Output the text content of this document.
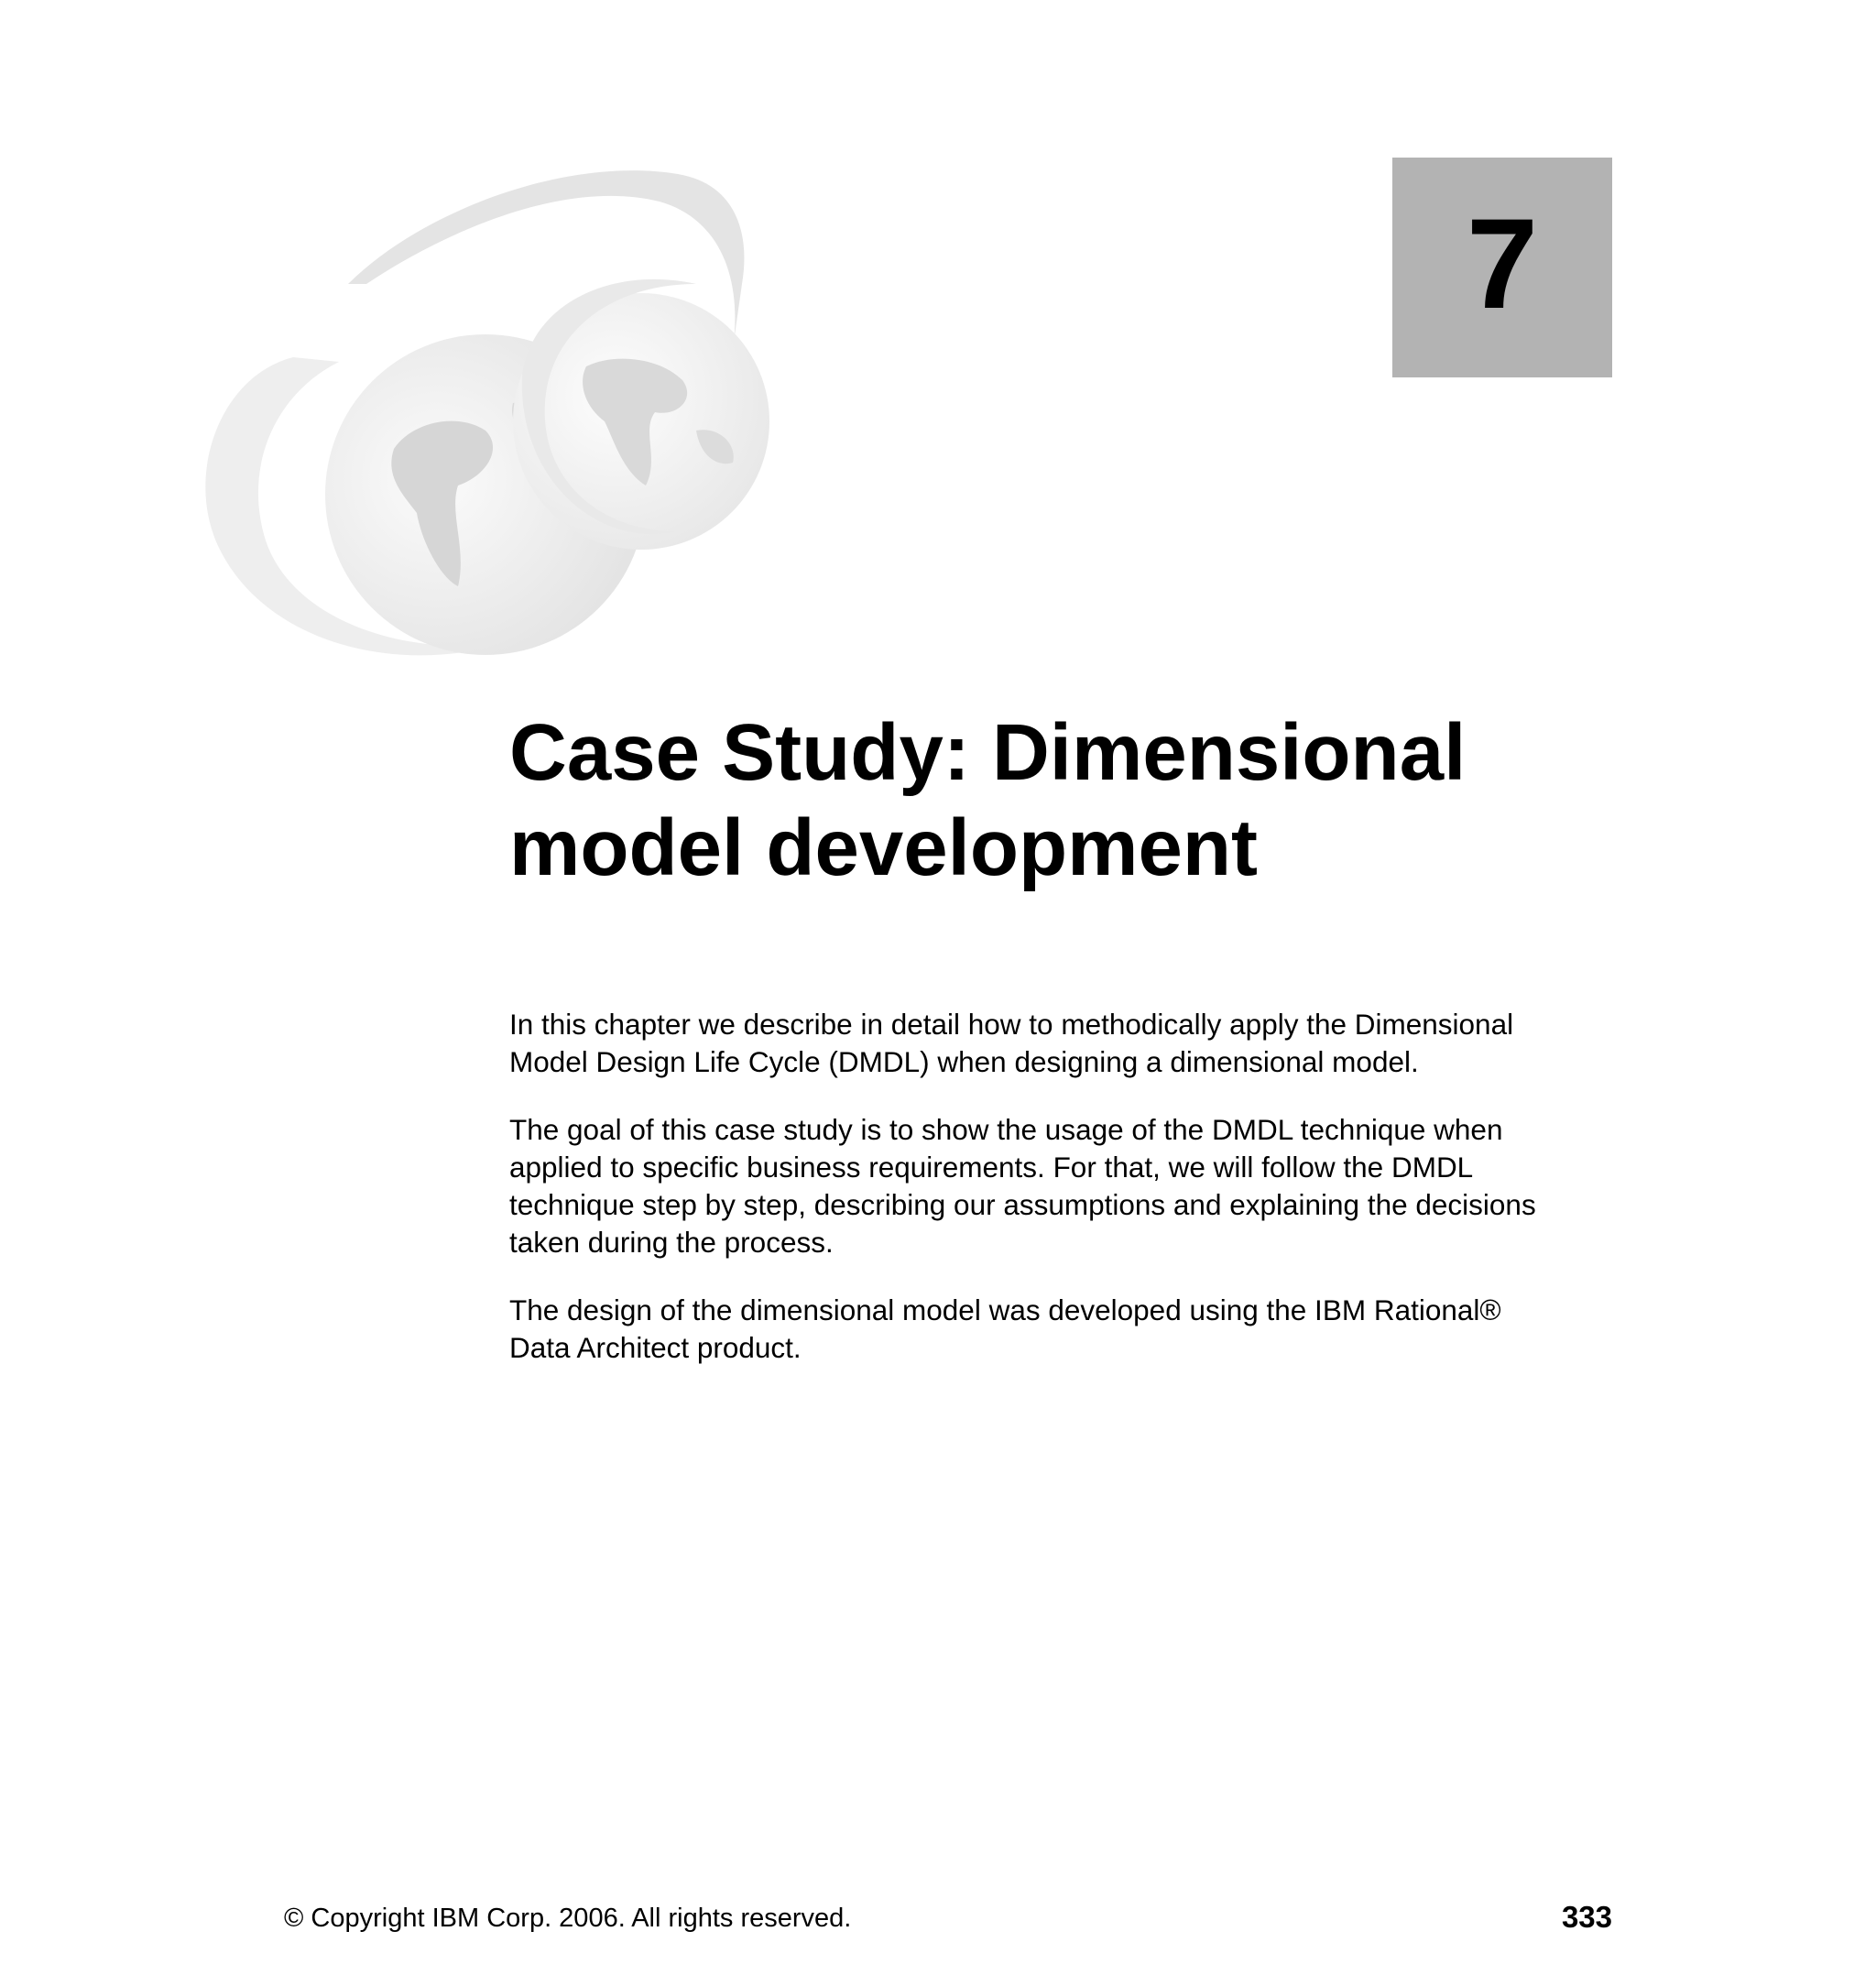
7
Case Study: Dimensional
model development

In this chapter we describe in detail how to methodically apply the Dimensional
Model Design Life Cycle (DMDL) when designing a dimensional model.

The goal of this case study is to show the usage of the DMDL technique when
applied to specific business requirements. For that, we will follow the DMDL
technique step by step, describing our assumptions and explaining the decisions
taken during the process.

The design of the dimensional model was developed using the IBM Rational®
Data Architect product.

© Copyright IBM Corp. 2006. All rights reserved.	333
